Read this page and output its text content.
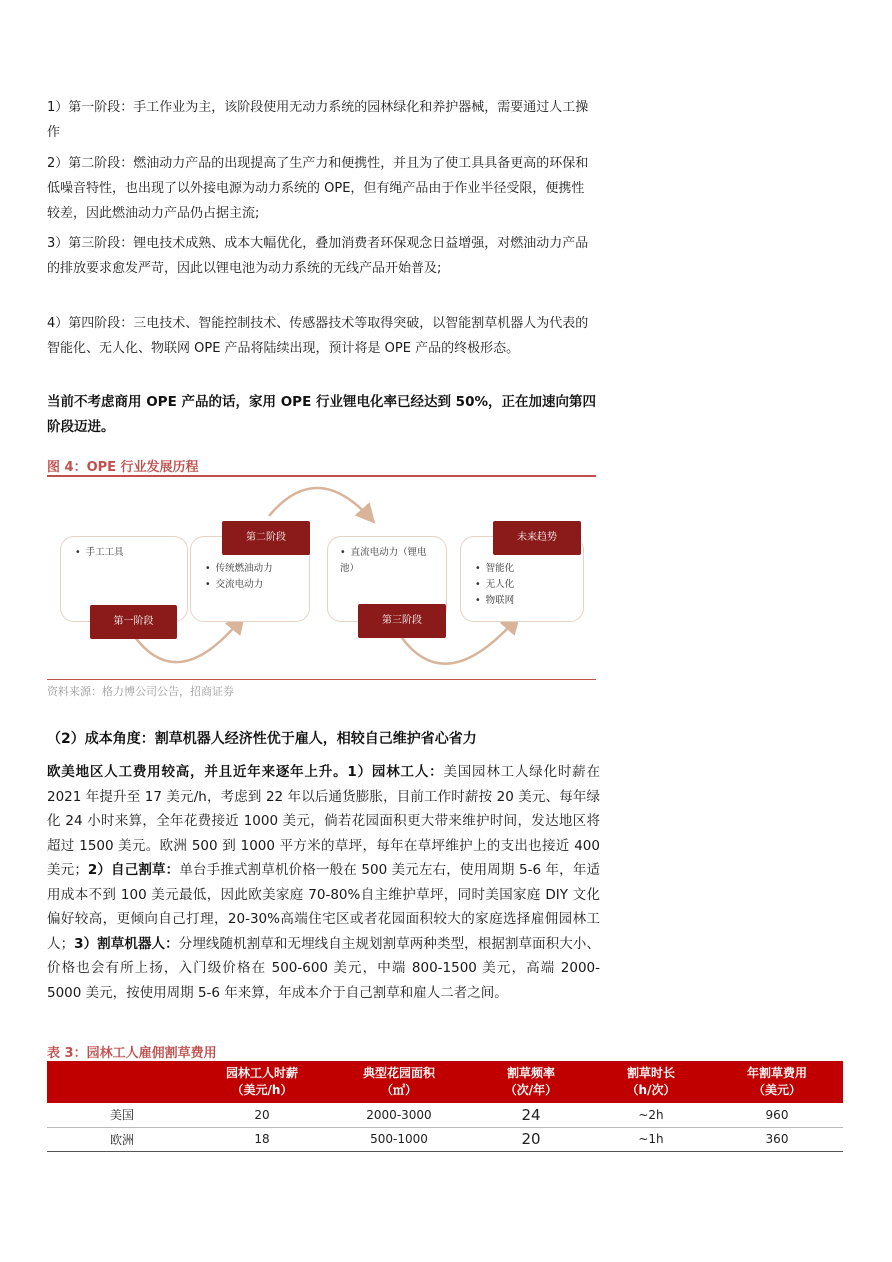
1）第一阶段：手工作业为主，该阶段使用无动力系统的园林绿化和养护器械，需要通过人工操作
2）第二阶段：燃油动力产品的出现提高了生产力和便携性，并且为了使工具具备更高的环保和低噪音特性，也出现了以外接电源为动力系统的 OPE，但有绳产品由于作业半径受限，便携性较差，因此燃油动力产品仍占据主流;
3）第三阶段：锂电技术成熟、成本大幅优化，叠加消费者环保观念日益增强，对燃油动力产品的排放要求愈发严苛，因此以锂电池为动力系统的无线产品开始普及;
4）第四阶段：三电技术、智能控制技术、传感器技术等取得突破，以智能割草机器人为代表的智能化、无人化、物联网 OPE 产品将陆续出现，预计将是 OPE 产品的终极形态。
当前不考虑商用 OPE 产品的话，家用 OPE 行业锂电化率已经达到 50%，正在加速向第四阶段迈进。
图 4：OPE 行业发展历程
• 手工工具
第一阶段
• 传统燃油动力
• 交流电动力
第二阶段
• 直流电动力（锂电池）
第三阶段
• 智能化
• 无人化
• 物联网
未来趋势
资料来源：格力博公司公告，招商证券
（2）成本角度：割草机器人经济性优于雇人，相较自己维护省心省力
欧美地区人工费用较高，并且近年来逐年上升。1）园林工人：美国园林工人绿化时薪在 2021 年提升至 17 美元/h，考虑到 22 年以后通货膨胀，目前工作时薪按 20 美元、每年绿化 24 小时来算，全年花费接近 1000 美元，倘若花园面积更大带来维护时间，发达地区将超过 1500 美元。欧洲 500 到 1000 平方米的草坪，每年在草坪维护上的支出也接近 400 美元；2）自己割草：单台手推式割草机价格一般在 500 美元左右，使用周期 5-6 年，年适用成本不到 100 美元最低，因此欧美家庭 70-80%自主维护草坪，同时美国家庭 DIY 文化偏好较高，更倾向自己打理，20-30%高端住宅区或者花园面积较大的家庭选择雇佣园林工人；3）割草机器人：分埋线随机割草和无埋线自主规划割草两种类型，根据割草面积大小、价格也会有所上扬，入门级价格在 500-600 美元，中端 800-1500 美元，高端 2000-5000 美元，按使用周期 5-6 年来算，年成本介于自己割草和雇人二者之间。
表 3：园林工人雇佣割草费用
	园林工人时薪
（美元/h）	典型花园面积
（㎡）	割草频率
（次/年）	割草时长
（h/次）	年割草费用
（美元）
美国	20	2000-3000	24	~2h	960
欧洲	18	500-1000	20	~1h	360
